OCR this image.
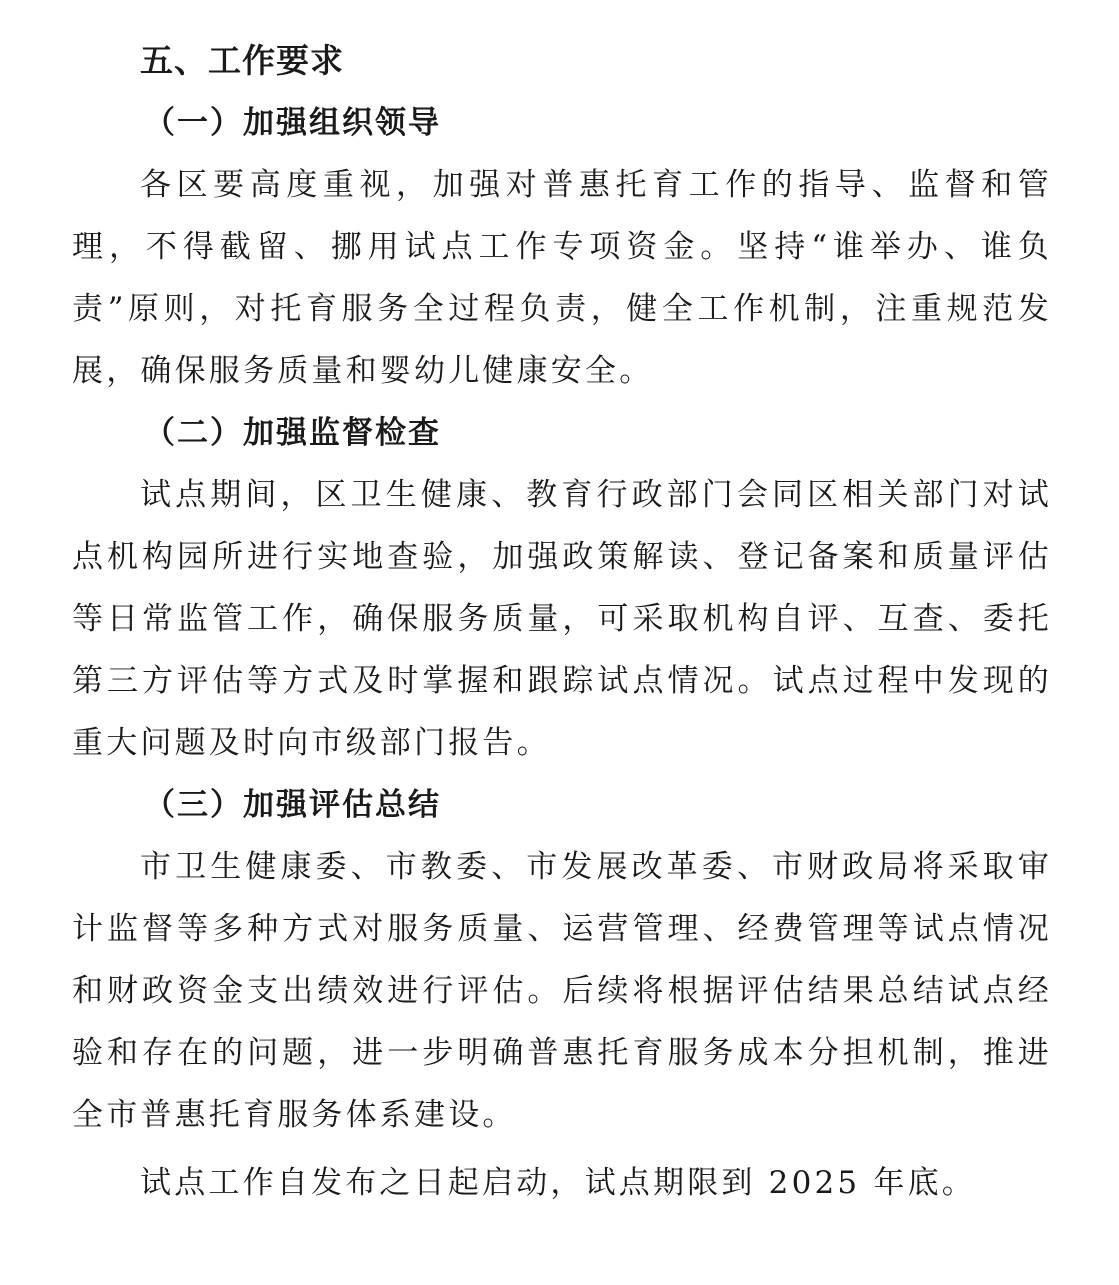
五、工作要求
（一）加强组织领导

各区要高度重视，加强对普惠托育工作的指导、监督和管理，不得截留、挪用试点工作专项资金。坚持“谁举办、谁负责”原则，对托育服务全过程负责，健全工作机制，注重规范发展，确保服务质量和婴幼儿健康安全。

（二）加强监督检查

试点期间，区卫生健康、教育行政部门会同区相关部门对试点机构园所进行实地查验，加强政策解读、登记备案和质量评估等日常监管工作，确保服务质量，可采取机构自评、互查、委托第三方评估等方式及时掌握和跟踪试点情况。试点过程中发现的重大问题及时向市级部门报告。

（三）加强评估总结

市卫生健康委、市教委、市发展改革委、市财政局将采取审计监督等多种方式对服务质量、运营管理、经费管理等试点情况和财政资金支出绩效进行评估。后续将根据评估结果总结试点经验和存在的问题，进一步明确普惠托育服务成本分担机制，推进全市普惠托育服务体系建设。

试点工作自发布之日起启动，试点期限到 2025 年底。
